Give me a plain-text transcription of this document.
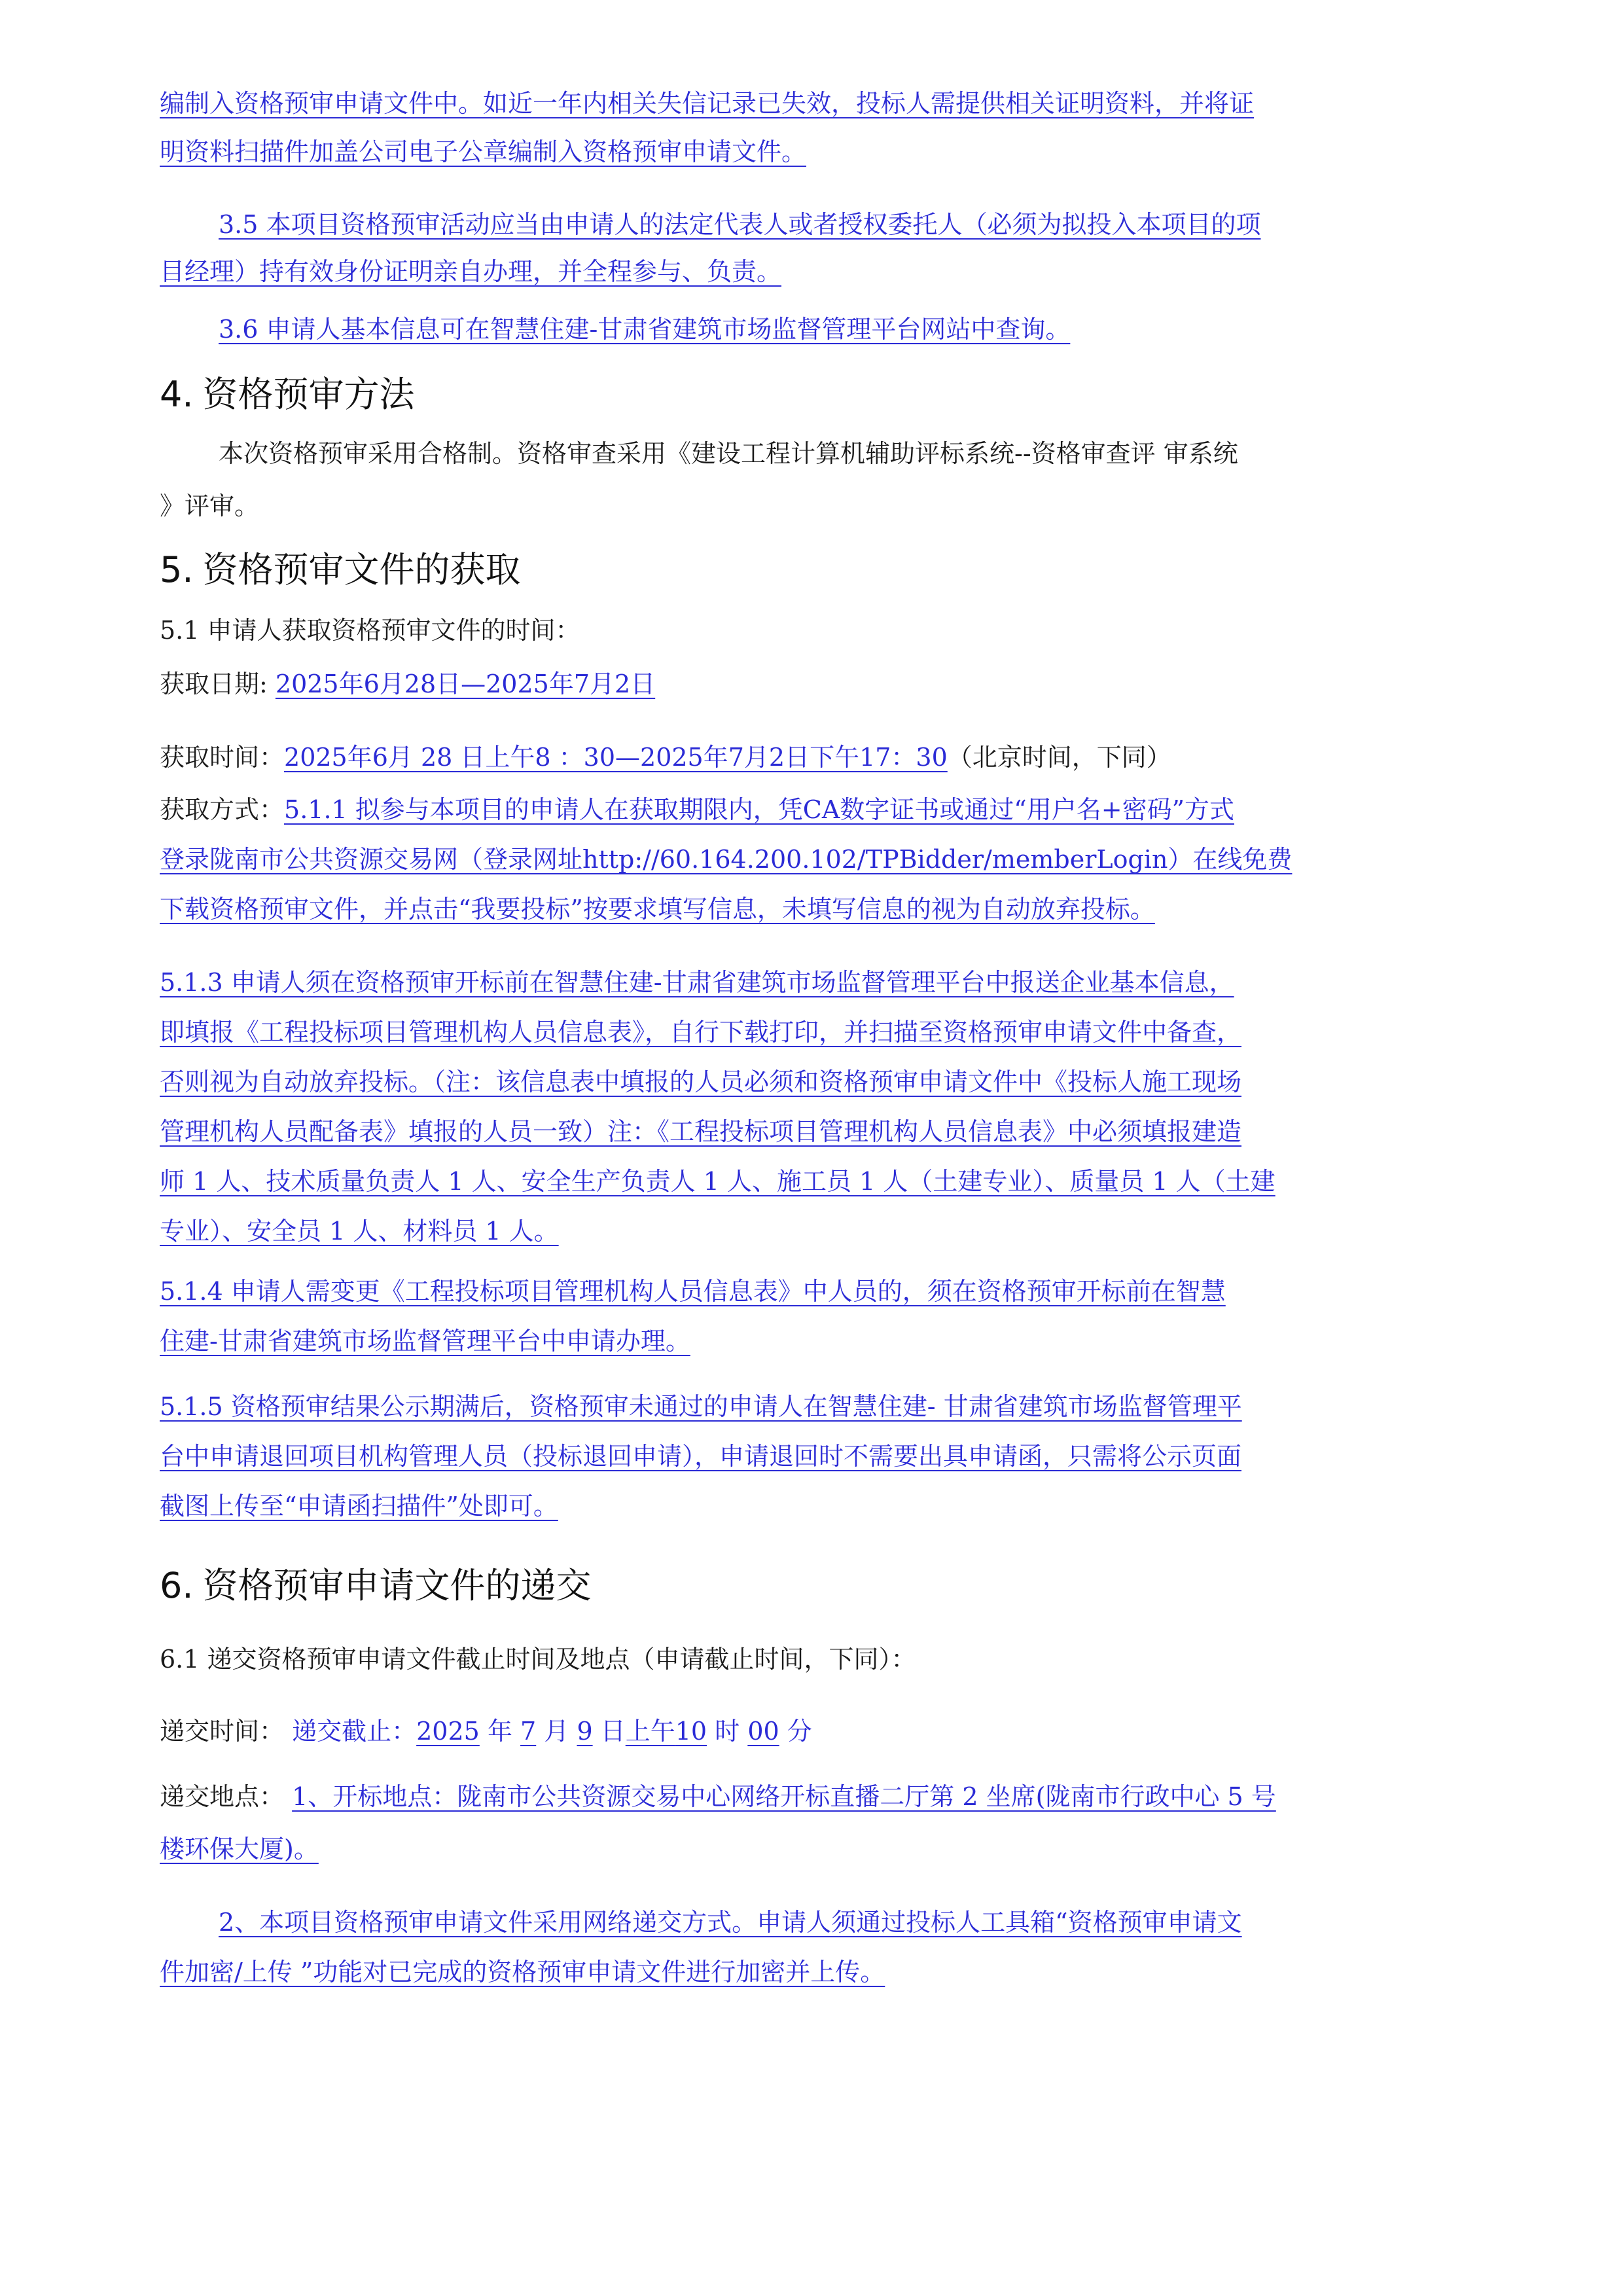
编制入资格预审申请文件中。如近一年内相关失信记录已失效，投标人需提供相关证明资料，并将证
明资料扫描件加盖公司电子公章编制入资格预审申请文件。
3.5 本项目资格预审活动应当由申请人的法定代表人或者授权委托人（必须为拟投入本项目的项
目经理）持有效身份证明亲自办理，并全程参与、负责。
3.6 申请人基本信息可在智慧住建-甘肃省建筑市场监督管理平台网站中查询。
4. 资格预审方法
本次资格预审采用合格制。资格审查采用《建设工程计算机辅助评标系统--资格审查评 审系统
》评审。
5. 资格预审文件的获取
5.1 申请人获取资格预审文件的时间：
获取日期: 2025年6月28日—2025年7月2日
获取时间：2025年6月 28 日上午8 ：30—2025年7月2日下午17：30（北京时间，下同）
获取方式：5.1.1 拟参与本项目的申请人在获取期限内，凭CA数字证书或通过“用户名+密码”方式
登录陇南市公共资源交易网（登录网址http://60.164.200.102/TPBidder/memberLogin）在线免费
下载资格预审文件，并点击“我要投标”按要求填写信息，未填写信息的视为自动放弃投标。
5.1.3 申请人须在资格预审开标前在智慧住建-甘肃省建筑市场监督管理平台中报送企业基本信息，
即填报《工程投标项目管理机构人员信息表》，自行下载打印，并扫描至资格预审申请文件中备查，
否则视为自动放弃投标。（注：该信息表中填报的人员必须和资格预审申请文件中《投标人施工现场
管理机构人员配备表》填报的人员一致）注：《工程投标项目管理机构人员信息表》中必须填报建造
师 1 人、技术质量负责人 1 人、安全生产负责人 1 人、施工员 1 人（土建专业）、质量员 1 人（土建
专业）、安全员 1 人、材料员 1 人。
5.1.4 申请人需变更《工程投标项目管理机构人员信息表》中人员的，须在资格预审开标前在智慧
住建-甘肃省建筑市场监督管理平台中申请办理。
5.1.5 资格预审结果公示期满后，资格预审未通过的申请人在智慧住建- 甘肃省建筑市场监督管理平
台中申请退回项目机构管理人员（投标退回申请），申请退回时不需要出具申请函，只需将公示页面
截图上传至“申请函扫描件”处即可。
6. 资格预审申请文件的递交
6.1 递交资格预审申请文件截止时间及地点（申请截止时间，下同）：
递交时间： 递交截止：2025 年 7 月 9 日上午10 时 00 分
递交地点： 1、开标地点：陇南市公共资源交易中心网络开标直播二厅第 2 坐席(陇南市行政中心 5 号
楼环保大厦)。
2、本项目资格预审申请文件采用网络递交方式。申请人须通过投标人工具箱“资格预审申请文
件加密/上传 ”功能对已完成的资格预审申请文件进行加密并上传。
